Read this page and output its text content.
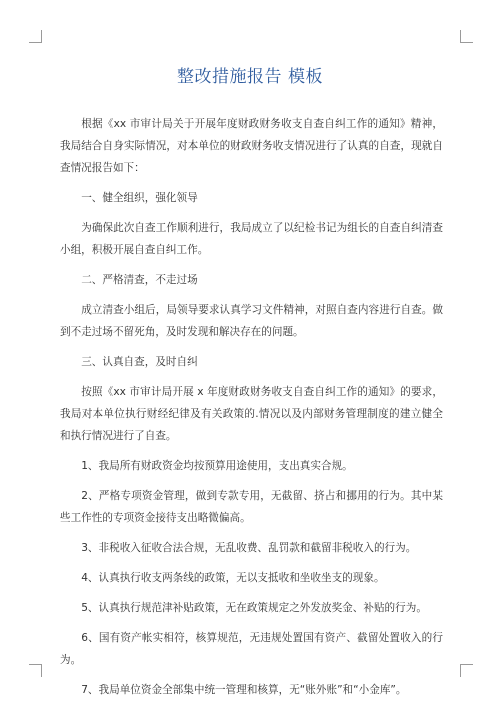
整改措施报告 模板

根据《xx 市审计局关于开展年度财政财务收支自查自纠工作的通知》精神，我局结合自身实际情况，对本单位的财政财务收支情况进行了认真的自查，现就自查情况报告如下：

一、健全组织，强化领导

为确保此次自查工作顺利进行，我局成立了以纪检书记为组长的自查自纠清查小组，积极开展自查自纠工作。

二、严格清查，不走过场

成立清查小组后，局领导要求认真学习文件精神，对照自查内容进行自查。做到不走过场不留死角，及时发现和解决存在的问题。

三、认真自查，及时自纠

按照《xx 市审计局开展 x 年度财政财务收支自查自纠工作的通知》的要求，我局对本单位执行财经纪律及有关政策的.情况以及内部财务管理制度的建立健全和执行情况进行了自查。

1、我局所有财政资金均按预算用途使用，支出真实合规。

2、严格专项资金管理，做到专款专用，无截留、挤占和挪用的行为。其中某些工作性的专项资金接待支出略微偏高。

3、非税收入征收合法合规，无乱收费、乱罚款和截留非税收入的行为。

4、认真执行收支两条线的政策，无以支抵收和坐收坐支的现象。

5、认真执行规范津补贴政策，无在政策规定之外发放奖金、补贴的行为。

6、国有资产帐实相符，核算规范，无违规处置国有资产、截留处置收入的行为。

7、我局单位资金全部集中统一管理和核算，无“账外账”和“小金库”。
